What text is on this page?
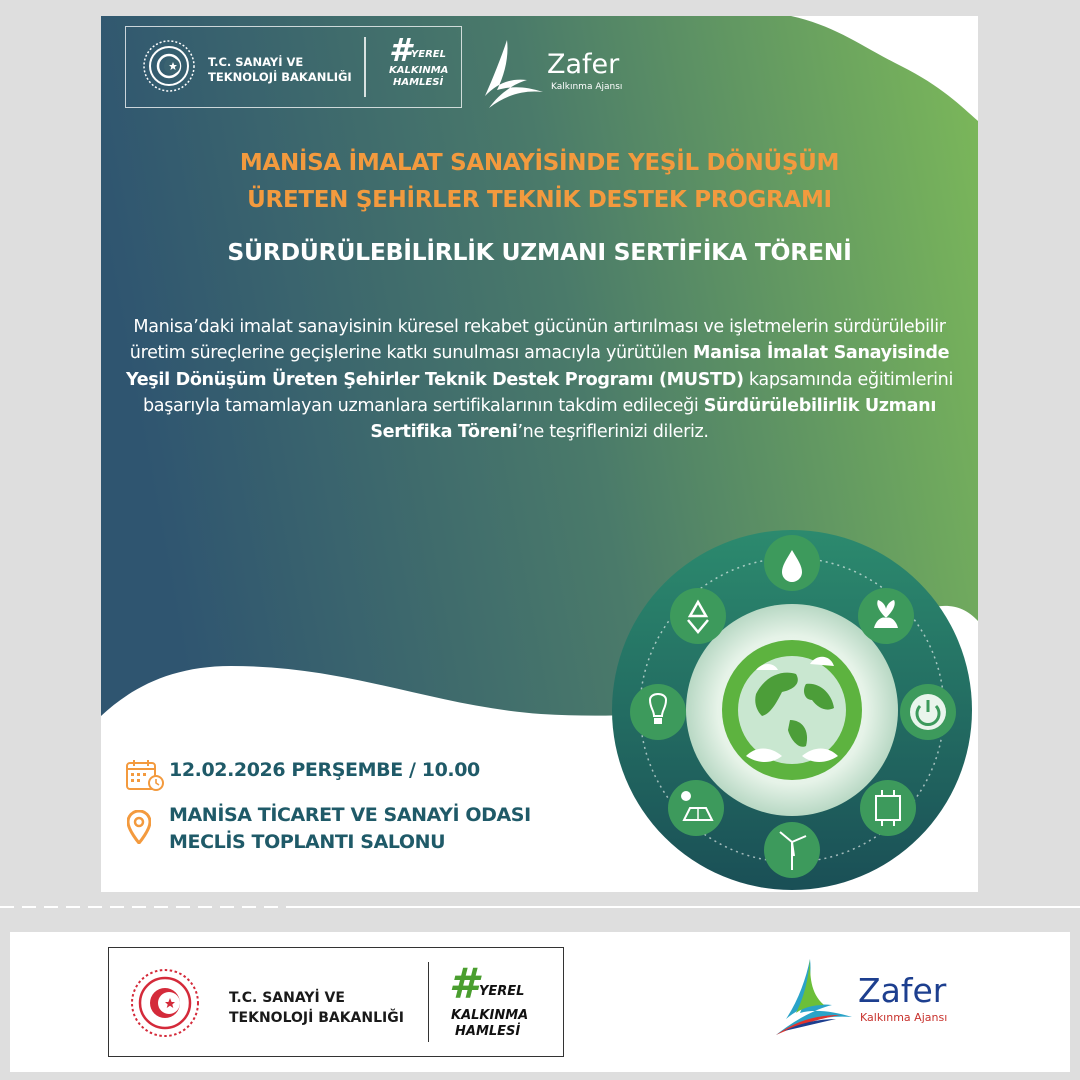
T.C. SANAYİ VE
TEKNOLOJİ BAKANLIĞI
# YEREL
KALKINMA
HAMLESİ
Zafer
Kalkınma Ajansı
MANİSA İMALAT SANAYİSİNDE YEŞİL DÖNÜŞÜM
ÜRETEN ŞEHİRLER TEKNİK DESTEK PROGRAMI
SÜRDÜRÜLEBİLİRLİK UZMANI SERTİFİKA TÖRENİ
Manisa’daki imalat sanayisinin küresel rekabet gücünün artırılması ve işletmelerin sürdürülebilir üretim süreçlerine geçişlerine katkı sunulması amacıyla yürütülen Manisa İmalat Sanayisinde Yeşil Dönüşüm Üreten Şehirler Teknik Destek Programı (MUSTD) kapsamında eğitimlerini başarıyla tamamlayan uzmanlara sertifikalarının takdim edileceği Sürdürülebilirlik Uzmanı Sertifika Töreni’ne teşriflerinizi dileriz.
12.02.2026 PERŞEMBE / 10.00
MANİSA TİCARET VE SANAYİ ODASI
MECLİS TOPLANTI SALONU
T.C. SANAYİ VE
TEKNOLOJİ BAKANLIĞI
# YEREL
KALKINMA
HAMLESİ
Zafer
Kalkınma Ajansı
